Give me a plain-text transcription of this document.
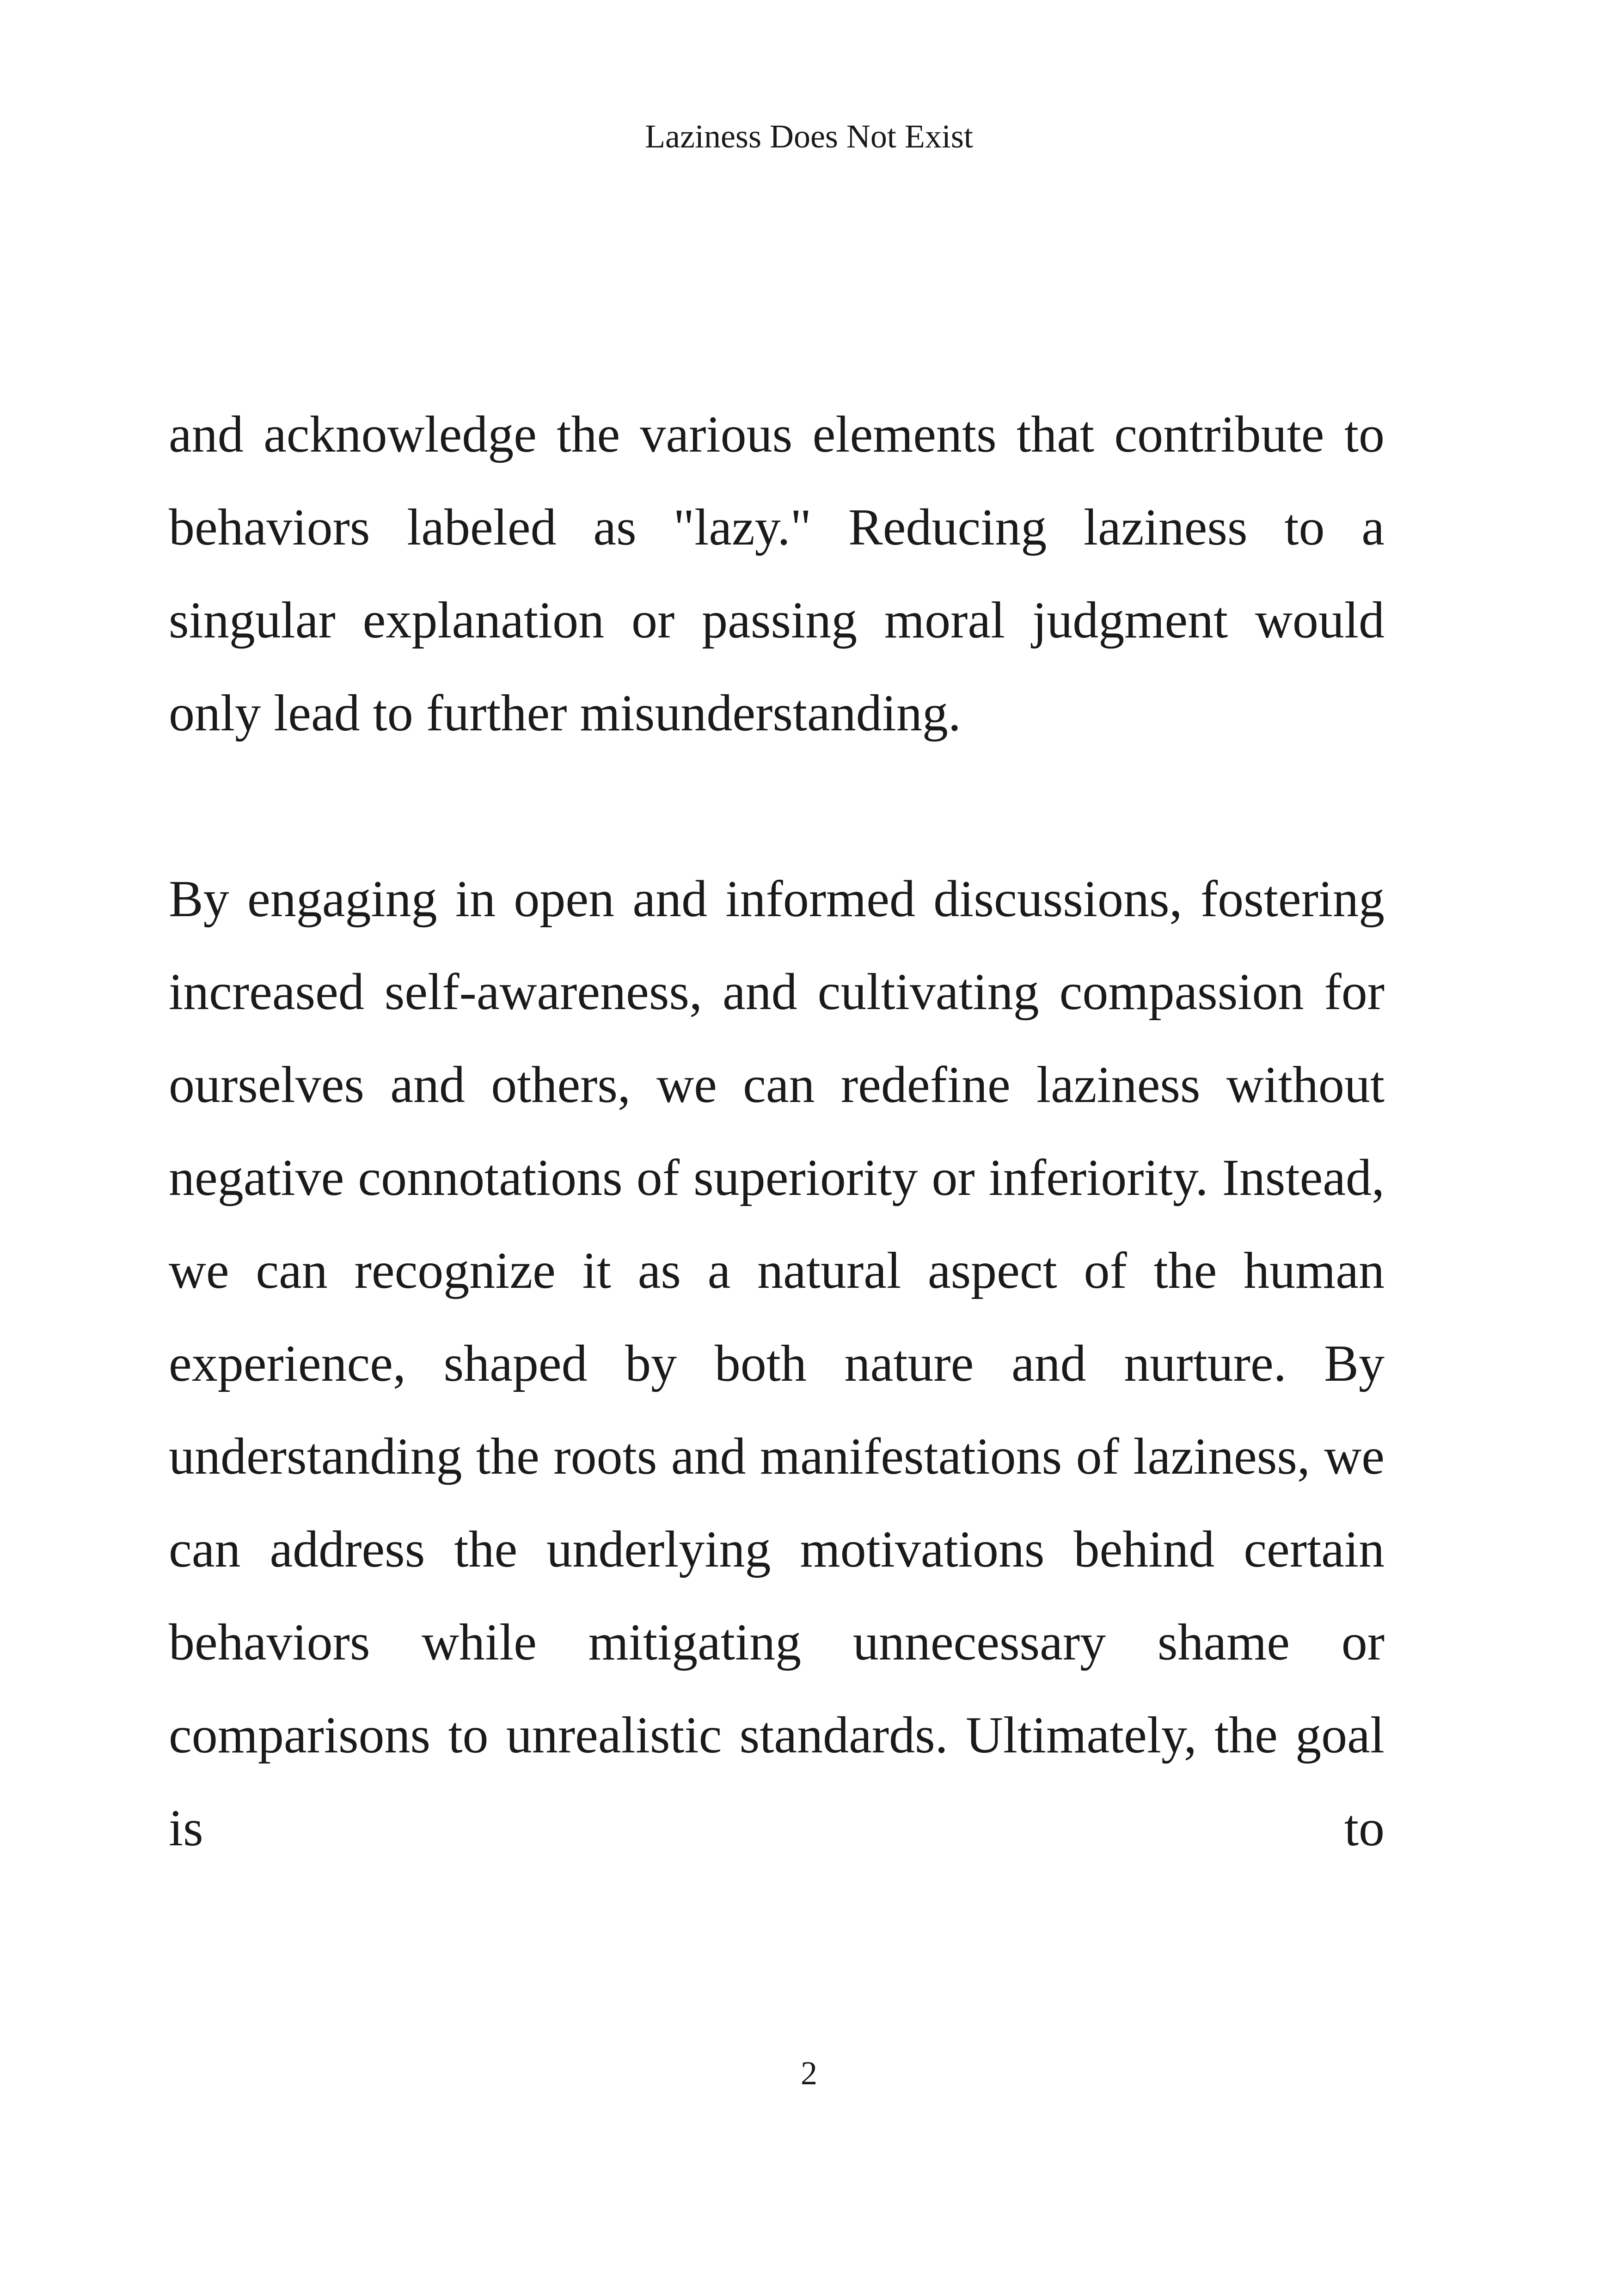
Laziness Does Not Exist

and acknowledge the various elements that contribute to behaviors labeled as "lazy." Reducing laziness to a singular explanation or passing moral judgment would only lead to further misunderstanding.

By engaging in open and informed discussions, fostering increased self-awareness, and cultivating compassion for ourselves and others, we can redefine laziness without negative connotations of superiority or inferiority. Instead, we can recognize it as a natural aspect of the human experience, shaped by both nature and nurture. By understanding the roots and manifestations of laziness, we can address the underlying motivations behind certain behaviors while mitigating unnecessary shame or comparisons to unrealistic standards. Ultimately, the goal is to

2
